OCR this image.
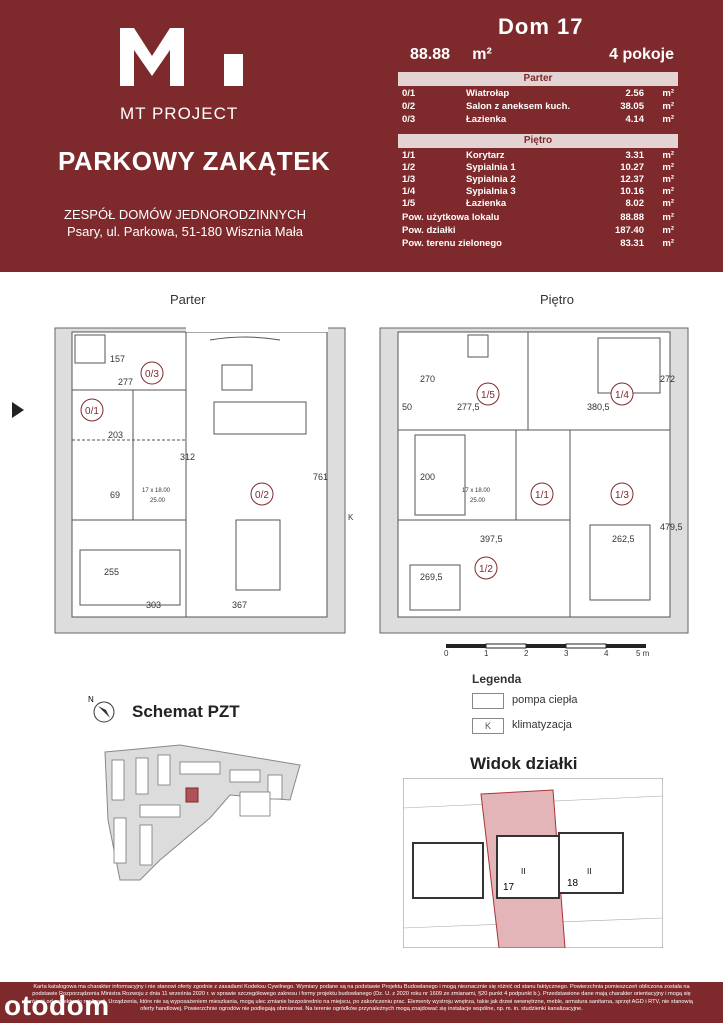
MT PROJECT
PARKOWY ZAKĄTEK
ZESPÓŁ DOMÓW JEDNORODZINNYCH
Psary, ul. Parkowa, 51-180 Wisznia Mała
Dom 17
88.88 m²	4 pokoje
Parter
0/1	Wiatrołap	2.56 m²
0/2	Salon z aneksem kuch.	38.05 m²
0/3	Łazienka	4.14 m²
Piętro
1/1	Korytarz	3.31 m²
1/2	Sypialnia 1	10.27 m²
1/3	Sypialnia 2	12.37 m²
1/4	Sypialnia 3	10.16 m²
1/5	Łazienka	8.02 m²
Pow. użytkowa lokalu	88.88 m²
Pow. działki	187.40 m²
Pow. terenu zielonego	83.31 m²
Parter	Piętro
0/3
0/1
0/2
1/5	1/4
1/1	1/3
1/2
157
277
203
312
761
69
255
303	367
17 x 18.00
25.00
K
270
277,5
50
272
380,5
200
479,5
397,5	262,5
269,5
17 x 18.00
25.00
0	1	2	3	4	5 m
Legenda
pompa ciepła
K	klimatyzacja
N
Schemat PZT
Widok działki
17	18
II	II
Karta katalogowa ma charakter informacyjny i nie stanowi oferty zgodnie z zasadami Kodeksu Cywilnego. Wymiary podane są na podstawie Projektu Budowlanego i mogą nieznacznie się różnić od stanu faktycznego. Powierzchnia pomieszczeń obliczona została na podstawie Rozporządzenia Ministra Rozwoju z dnia 11 września 2020 r. w sprawie szczegółowego zakresu i formy projektu budowlanego (Dz. U. z 2020 roku nr 1609 ze zmianami, §20 punkt 4 podpunkt b.). Przedstawione dane mają charakter orientacyjny i mogą się różnić od projektu do realizacji. Urządzenia, które nie są wyposażeniem mieszkania, mogą ulec zmianie bezpośrednio na miejscu, po zakończeniu prac. Elementy wystroju wnętrza, takie jak drzwi wewnętrzne, meble, armatura sanitarna, sprzęt AGD i RTV, nie stanowią oferty handlowej. Powierzchnie ogrodów nie podlegają obmiarowi. Na terenie ogródków przynależnych mogą znajdować się instalacje wspólne, np. m. in. studzienki kanalizacyjne.
otodom
